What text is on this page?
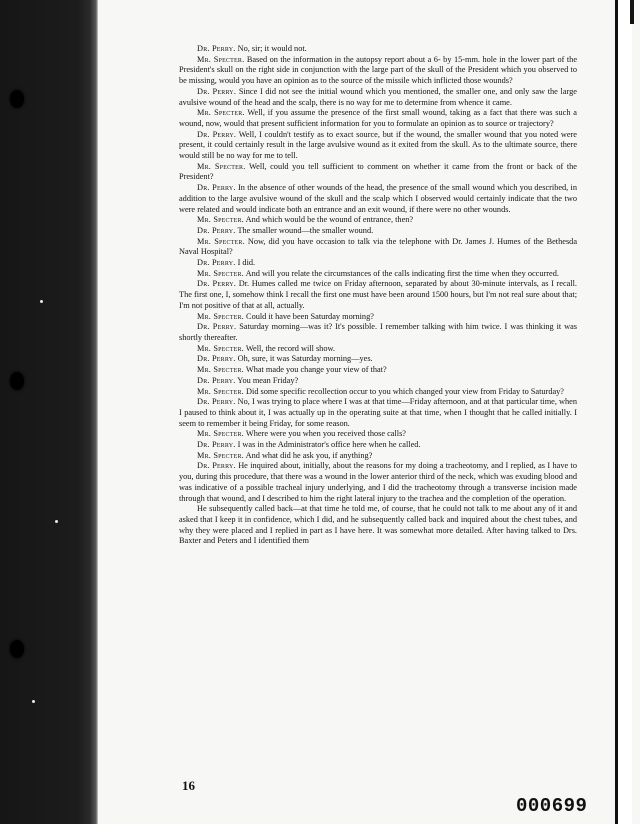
Dr. Perry. No, sir; it would not.

Mr. Specter. Based on the information in the autopsy report about a 6- by 15-mm. hole in the lower part of the President's skull on the right side in conjunction with the large part of the skull of the President which you observed to be missing, would you have an opinion as to the source of the missile which inflicted those wounds?

Dr. Perry. Since I did not see the initial wound which you mentioned, the smaller one, and only saw the large avulsive wound of the head and the scalp, there is no way for me to determine from whence it came.

Mr. Specter. Well, if you assume the presence of the first small wound, taking as a fact that there was such a wound, now, would that present sufficient information for you to formulate an opinion as to source or trajectory?

Dr. Perry. Well, I couldn't testify as to exact source, but if the wound, the smaller wound that you noted were present, it could certainly result in the large avulsive wound as it exited from the skull. As to the ultimate source, there would still be no way for me to tell.

Mr. Specter. Well, could you tell sufficient to comment on whether it came from the front or back of the President?

Dr. Perry. In the absence of other wounds of the head, the presence of the small wound which you described, in addition to the large avulsive wound of the skull and the scalp which I observed would certainly indicate that the two were related and would indicate both an entrance and an exit wound, if there were no other wounds.

Mr. Specter. And which would be the wound of entrance, then?

Dr. Perry. The smaller wound—the smaller wound.

Mr. Specter. Now, did you have occasion to talk via the telephone with Dr. James J. Humes of the Bethesda Naval Hospital?

Dr. Perry. I did.

Mr. Specter. And will you relate the circumstances of the calls indicating first the time when they occurred.

Dr. Perry. Dr. Humes called me twice on Friday afternoon, separated by about 30-minute intervals, as I recall. The first one, I, somehow think I recall the first one must have been around 1500 hours, but I'm not real sure about that; I'm not positive of that at all, actually.

Mr. Specter. Could it have been Saturday morning?

Dr. Perry. Saturday morning—was it? It's possible. I remember talking with him twice. I was thinking it was shortly thereafter.

Mr. Specter. Well, the record will show.

Dr. Perry. Oh, sure, it was Saturday morning—yes.

Mr. Specter. What made you change your view of that?

Dr. Perry. You mean Friday?

Mr. Specter. Did some specific recollection occur to you which changed your view from Friday to Saturday?

Dr. Perry. No, I was trying to place where I was at that time—Friday afternoon, and at that particular time, when I paused to think about it, I was actually up in the operating suite at that time, when I thought that he called initially. I seem to remember it being Friday, for some reason.

Mr. Specter. Where were you when you received those calls?

Dr. Perry. I was in the Administrator's office here when he called.

Mr. Specter. And what did he ask you, if anything?

Dr. Perry. He inquired about, initially, about the reasons for my doing a tracheotomy, and I replied, as I have to you, during this procedure, that there was a wound in the lower anterior third of the neck, which was exuding blood and was indicative of a possible tracheal injury underlying, and I did the tracheotomy through a transverse incision made through that wound, and I described to him the right lateral injury to the trachea and the completion of the operation.

He subsequently called back—at that time he told me, of course, that he could not talk to me about any of it and asked that I keep it in confidence, which I did, and he subsequently called back and inquired about the chest tubes, and why they were placed and I replied in part as I have here. It was somewhat more detailed. After having talked to Drs. Baxter and Peters and I identified them

16
000699
